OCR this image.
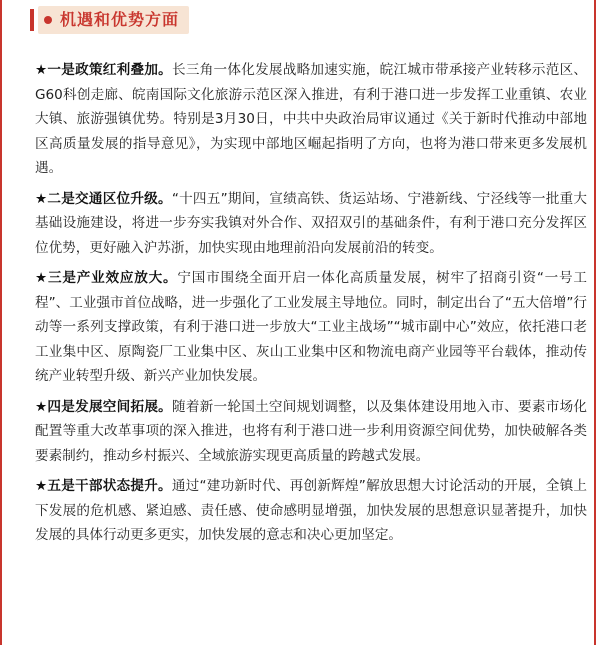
机遇和优势方面

★一是政策红利叠加。长三角一体化发展战略加速实施，皖江城市带承接产业转移示范区、G60科创走廊、皖南国际文化旅游示范区深入推进，有利于港口进一步发挥工业重镇、农业大镇、旅游强镇优势。特别是3月30日，中共中央政治局审议通过《关于新时代推动中部地区高质量发展的指导意见》，为实现中部地区崛起指明了方向，也将为港口带来更多发展机遇。

★二是交通区位升级。“十四五”期间，宣绩高铁、货运站场、宁港新线、宁泾线等一批重大基础设施建设，将进一步夯实我镇对外合作、双招双引的基础条件，有利于港口充分发挥区位优势，更好融入沪苏浙，加快实现由地理前沿向发展前沿的转变。

★三是产业效应放大。宁国市围绕全面开启一体化高质量发展，树牢了招商引资“一号工程”、工业强市首位战略，进一步强化了工业发展主导地位。同时，制定出台了“五大倍增”行动等一系列支撑政策，有利于港口进一步放大“工业主战场”“城市副中心”效应，依托港口老工业集中区、原陶瓷厂工业集中区、灰山工业集中区和物流电商产业园等平台载体，推动传统产业转型升级、新兴产业加快发展。

★四是发展空间拓展。随着新一轮国土空间规划调整，以及集体建设用地入市、要素市场化配置等重大改革事项的深入推进，也将有利于港口进一步利用资源空间优势，加快破解各类要素制约，推动乡村振兴、全域旅游实现更高质量的跨越式发展。

★五是干部状态提升。通过“建功新时代、再创新辉煌”解放思想大讨论活动的开展，全镇上下发展的危机感、紧迫感、责任感、使命感明显增强，加快发展的思想意识显著提升，加快发展的具体行动更多更实，加快发展的意志和决心更加坚定。
